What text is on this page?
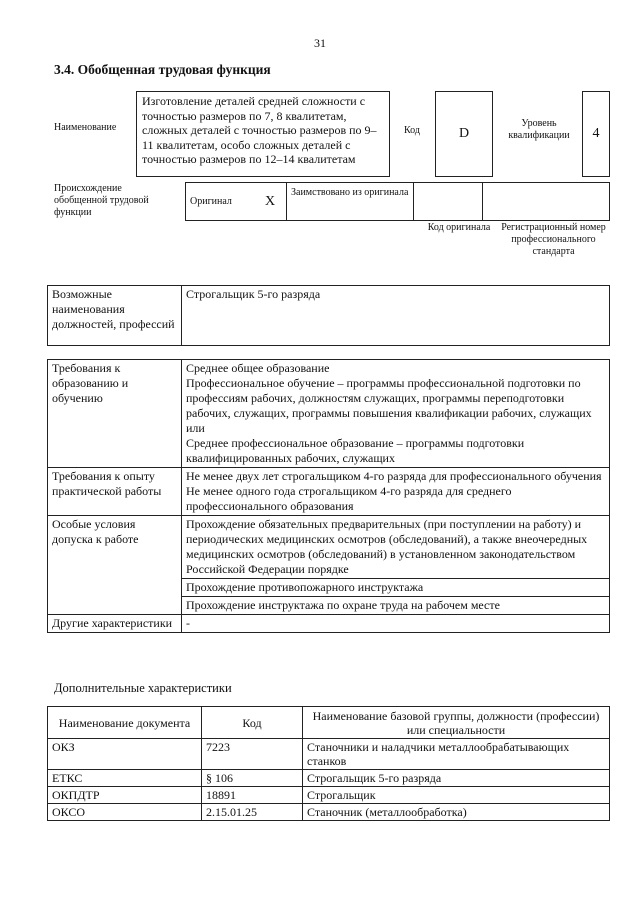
31
3.4. Обобщенная трудовая функция
Наименование
Изготовление деталей средней сложности с точностью размеров по 7, 8 квалитетам, сложных деталей с точностью размеров по 9–11 квалитетам, особо сложных деталей с точностью размеров по 12–14 квалитетам
Код	D
Уровень квалификации	4
Происхождение обобщенной трудовой функции
Оригинал	X	Заимствовано из оригинала		
Код оригинала	Регистрационный номер профессионального стандарта
Возможные наименования должностей, профессий	Строгальщик 5-го разряда
Требования к образованию и обучению	Среднее общее образование
Профессиональное обучение – программы профессиональной подготовки по профессиям рабочих, должностям служащих, программы переподготовки рабочих, служащих, программы повышения квалификации рабочих, служащих
или
Среднее профессиональное образование – программы подготовки квалифицированных рабочих, служащих

Требования к опыту практической работы	Не менее двух лет строгальщиком 4-го разряда для профессионального обучения
Не менее одного года строгальщиком 4-го разряда для среднего профессионального образования

Особые условия допуска к работе	Прохождение обязательных предварительных (при поступлении на работу) и периодических медицинских осмотров (обследований), а также внеочередных медицинских осмотров (обследований) в установленном законодательством Российской Федерации порядке
	Прохождение противопожарного инструктажа
	Прохождение инструктажа по охране труда на рабочем месте
Другие характеристики	-
Дополнительные характеристики
Наименование документа	Код	Наименование базовой группы, должности (профессии) или специальности
ОКЗ	7223	Станочники и наладчики металлообрабатывающих станков
ЕТКС	§ 106	Строгальщик 5-го разряда
ОКПДТР	18891	Строгальщик
ОКСО	2.15.01.25	Станочник (металлообработка)
